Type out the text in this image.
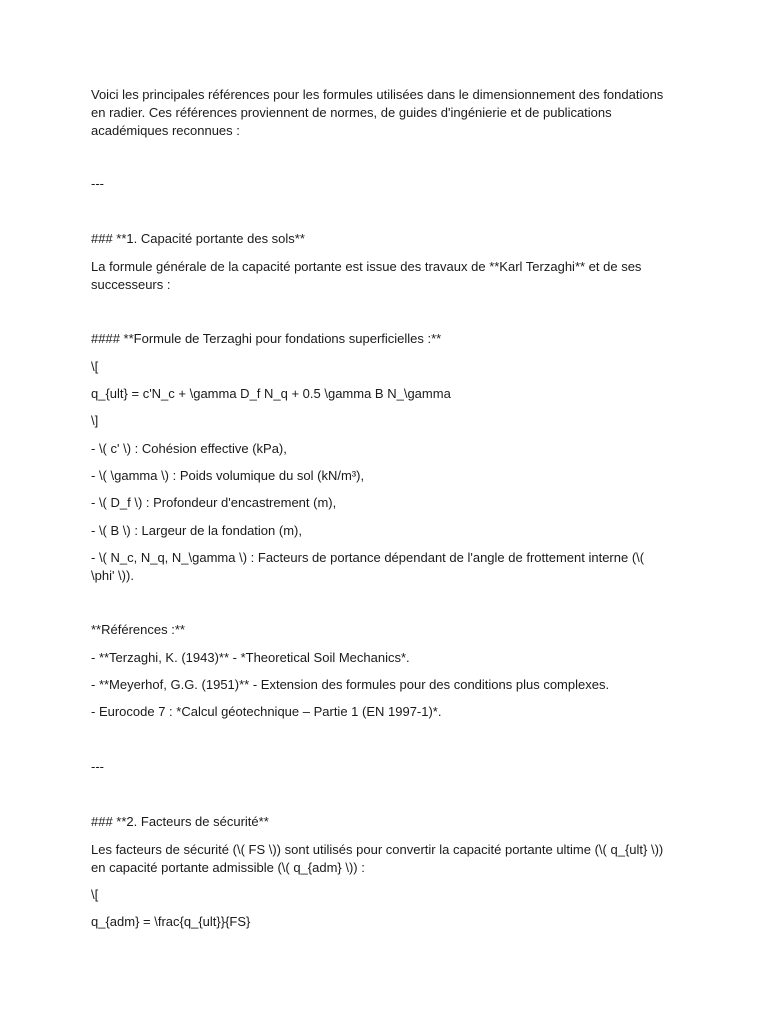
Voici les principales références pour les formules utilisées dans le dimensionnement des fondations en radier. Ces références proviennent de normes, de guides d'ingénierie et de publications académiques reconnues :

---

### **1. Capacité portante des sols**

La formule générale de la capacité portante est issue des travaux de **Karl Terzaghi** et de ses successeurs :

#### **Formule de Terzaghi pour fondations superficielles :**

\[

q_{ult} = c'N_c + \gamma D_f N_q + 0.5 \gamma B N_\gamma

\]

- \( c' \) : Cohésion effective (kPa),

- \( \gamma \) : Poids volumique du sol (kN/m³),

- \( D_f \) : Profondeur d'encastrement (m),

- \( B \) : Largeur de la fondation (m),

- \( N_c, N_q, N_\gamma \) : Facteurs de portance dépendant de l'angle de frottement interne (\( \phi' \)).

**Références :**

- **Terzaghi, K. (1943)** - *Theoretical Soil Mechanics*.

- **Meyerhof, G.G. (1951)** - Extension des formules pour des conditions plus complexes.

- Eurocode 7 : *Calcul géotechnique – Partie 1 (EN 1997-1)*.

---

### **2. Facteurs de sécurité**

Les facteurs de sécurité (\( FS \)) sont utilisés pour convertir la capacité portante ultime (\( q_{ult} \)) en capacité portante admissible (\( q_{adm} \)) :

\[

q_{adm} = \frac{q_{ult}}{FS}
